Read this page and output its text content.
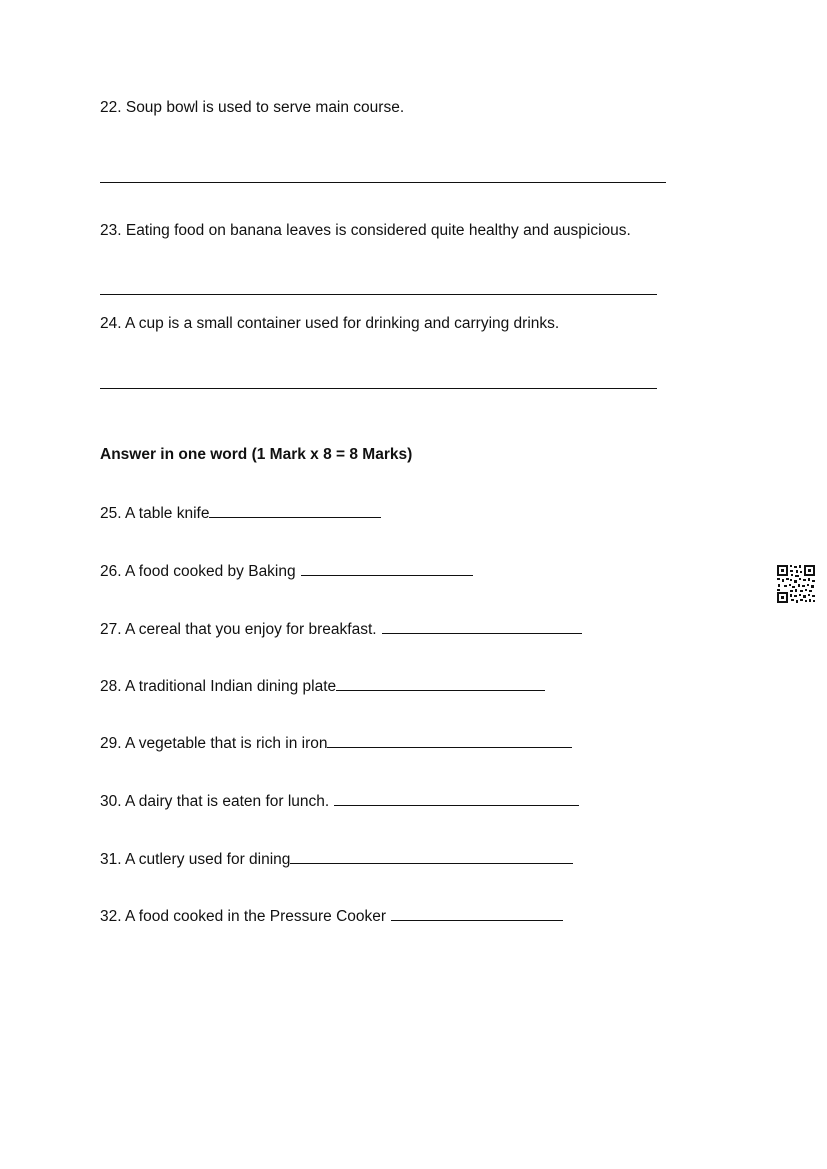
22. Soup bowl is used to serve main course.
23. Eating food on banana leaves is considered quite healthy and auspicious.
24. A cup is a small container used for drinking and carrying drinks.
Answer in one word (1 Mark x 8 = 8 Marks)
25. A table knife
26. A food cooked by Baking
27. A cereal that you enjoy for breakfast.
28. A traditional Indian dining plate
29. A vegetable that is rich in iron
30. A dairy that is eaten for lunch.
31. A cutlery used for dining
32. A food cooked in the Pressure Cooker
